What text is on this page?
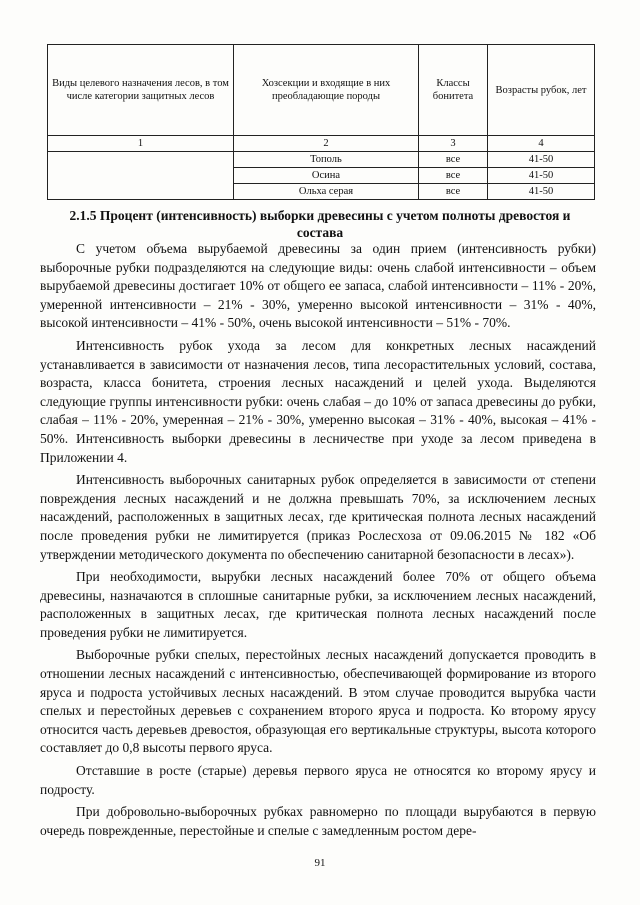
Виды целевого назначения лесов, в том числе категории защитных лесов	Хозсекции и входящие в них преобладающие породы	Классы бонитета	Возрасты рубок, лет
1	2	3	4
	Тополь	все	41-50
	Осина	все	41-50
	Ольха серая	все	41-50
2.1.5 Процент (интенсивность) выборки древесины с учетом полноты древостоя и состава

С учетом объема вырубаемой древесины за один прием (интенсивность рубки) выборочные рубки подразделяются на следующие виды: очень слабой интенсивности – объем вырубаемой древесины достигает 10% от общего ее запаса, слабой интенсивности – 11% - 20%, умеренной интенсивности – 21% - 30%, умеренно высокой интенсивности – 31% - 40%, высокой интенсивности – 41% - 50%, очень высокой интенсивности – 51% - 70%.

Интенсивность рубок ухода за лесом для конкретных лесных насаждений устанавливается в зависимости от назначения лесов, типа лесорастительных условий, состава, возраста, класса бонитета, строения лесных насаждений и целей ухода. Выделяются следующие группы интенсивности рубки: очень слабая – до 10% от запаса древесины до рубки, слабая – 11% - 20%, умеренная – 21% - 30%, умеренно высокая – 31% - 40%, высокая – 41% - 50%. Интенсивность выборки древесины в лесничестве при уходе за лесом приведена в Приложении 4.

Интенсивность выборочных санитарных рубок определяется в зависимости от степени повреждения лесных насаждений и не должна превышать 70%, за исключением лесных насаждений, расположенных в защитных лесах, где критическая полнота лесных насаждений после проведения рубки не лимитируется (приказ Рослесхоза от 09.06.2015 № 182 «Об утверждении методического документа по обеспечению санитарной безопасности в лесах»).

При необходимости, вырубки лесных насаждений более 70% от общего объема древесины, назначаются в сплошные санитарные рубки, за исключением лесных насаждений, расположенных в защитных лесах, где критическая полнота лесных насаждений после проведения рубки не лимитируется.

Выборочные рубки спелых, перестойных лесных насаждений допускается проводить в отношении лесных насаждений с интенсивностью, обеспечивающей формирование из второго яруса и подроста устойчивых лесных насаждений. В этом случае проводится вырубка части спелых и перестойных деревьев с сохранением второго яруса и подроста. Ко второму ярусу относится часть деревьев древостоя, образующая его вертикальные структуры, высота которого составляет до 0,8 высоты первого яруса.

Отставшие в росте (старые) деревья первого яруса не относятся ко второму ярусу и подросту.

При добровольно-выборочных рубках равномерно по площади вырубаются в первую очередь поврежденные, перестойные и спелые с замедленным ростом дере-

91
